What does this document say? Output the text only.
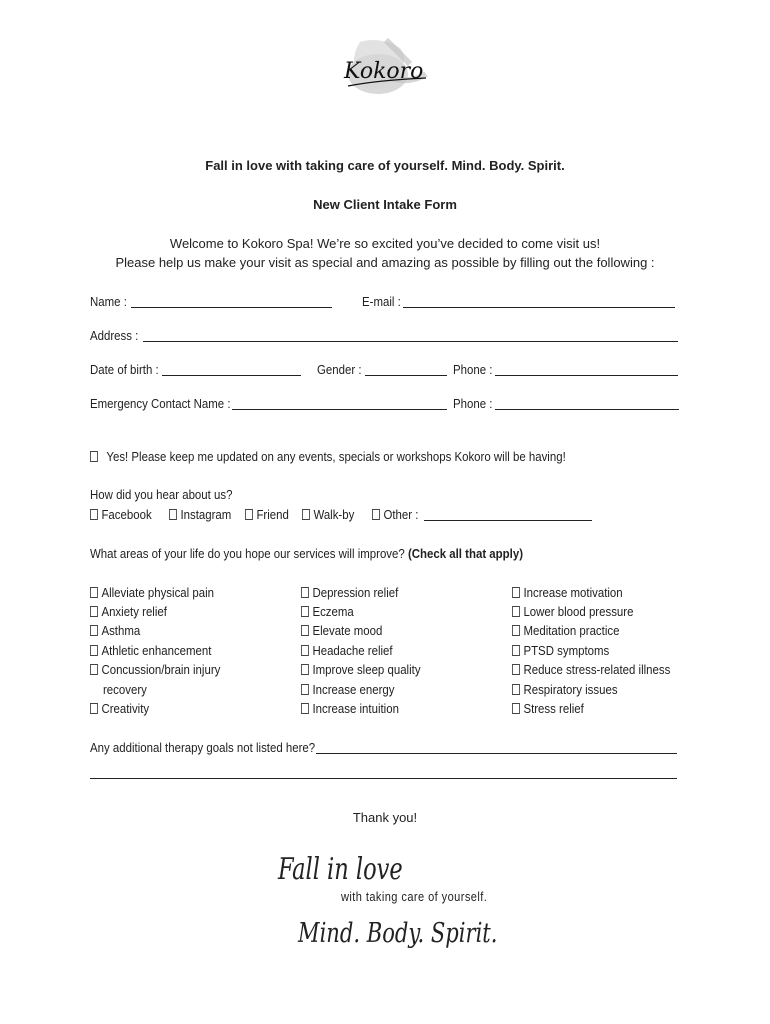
Kokoro
Fall in love with taking care of yourself. Mind. Body. Spirit.
New Client Intake Form
Welcome to Kokoro Spa! We’re so excited you’ve decided to come visit us!
Please help us make your visit as special and amazing as possible by filling out the following :
Name :	E-mail :
Address :
Date of birth :	Gender :	Phone :
Emergency Contact Name :	Phone :
Yes! Please keep me updated on any events, specials or workshops Kokoro will be having!
How did you hear about us?
Facebook	Instagram	Friend	Walk-by	Other :
What areas of your life do you hope our services will improve? (Check all that apply)
Alleviate physical pain
Anxiety relief
Asthma
Athletic enhancement
Concussion/brain injury
recovery
Creativity
Depression relief
Eczema
Elevate mood
Headache relief
Improve sleep quality
Increase energy
Increase intuition
Increase motivation
Lower blood pressure
Meditation practice
PTSD symptoms
Reduce stress-related illness
Respiratory issues
Stress relief
Any additional therapy goals not listed here?
Thank you!
Fall in love
with taking care of yourself.
Mind. Body. Spirit.
